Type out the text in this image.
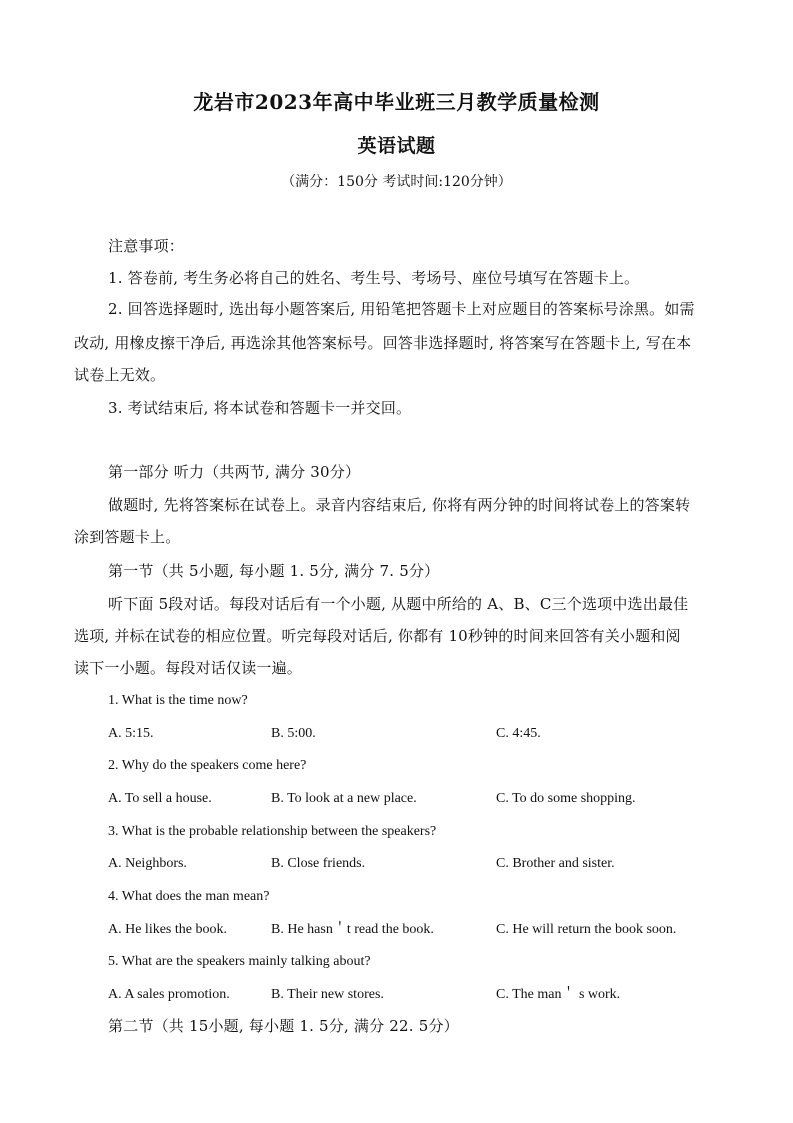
龙岩市2023年高中毕业班三月教学质量检测
英语试题
（满分：150分 考试时间:120分钟）
注意事项：
1. 答卷前, 考生务必将自己的姓名、考生号、考场号、座位号填写在答题卡上。
2. 回答选择题时, 选出每小题答案后, 用铅笔把答题卡上对应题目的答案标号涂黑。如需
改动, 用橡皮擦干净后, 再选涂其他答案标号。回答非选择题时, 将答案写在答题卡上, 写在本
试卷上无效。
3. 考试结束后, 将本试卷和答题卡一并交回。
第一部分 听力（共两节, 满分 30分）
做题时, 先将答案标在试卷上。录音内容结束后, 你将有两分钟的时间将试卷上的答案转
涂到答题卡上。
第一节（共 5小题, 每小题 1. 5分, 满分 7. 5分）
听下面 5段对话。每段对话后有一个小题, 从题中所给的 A、B、C三个选项中选出最佳
选项, 并标在试卷的相应位置。听完每段对话后, 你都有 10秒钟的时间来回答有关小题和阅
读下一小题。每段对话仅读一遍。
1. What is the time now?
A. 5:15.	B. 5:00.	C. 4:45.
2. Why do the speakers come here?
A. To sell a house.	B. To look at a new place.	C. To do some shopping.
3. What is the probable relationship between the speakers?
A. Neighbors.	B. Close friends.	C. Brother and sister.
4. What does the man mean?
A. He likes the book.	B. He hasn＇t read the book.	C. He will return the book soon.
5. What are the speakers mainly talking about?
A. A sales promotion.	B. Their new stores.	C. The man＇ s work.
第二节（共 15小题, 每小题 1. 5分, 满分 22. 5分）
